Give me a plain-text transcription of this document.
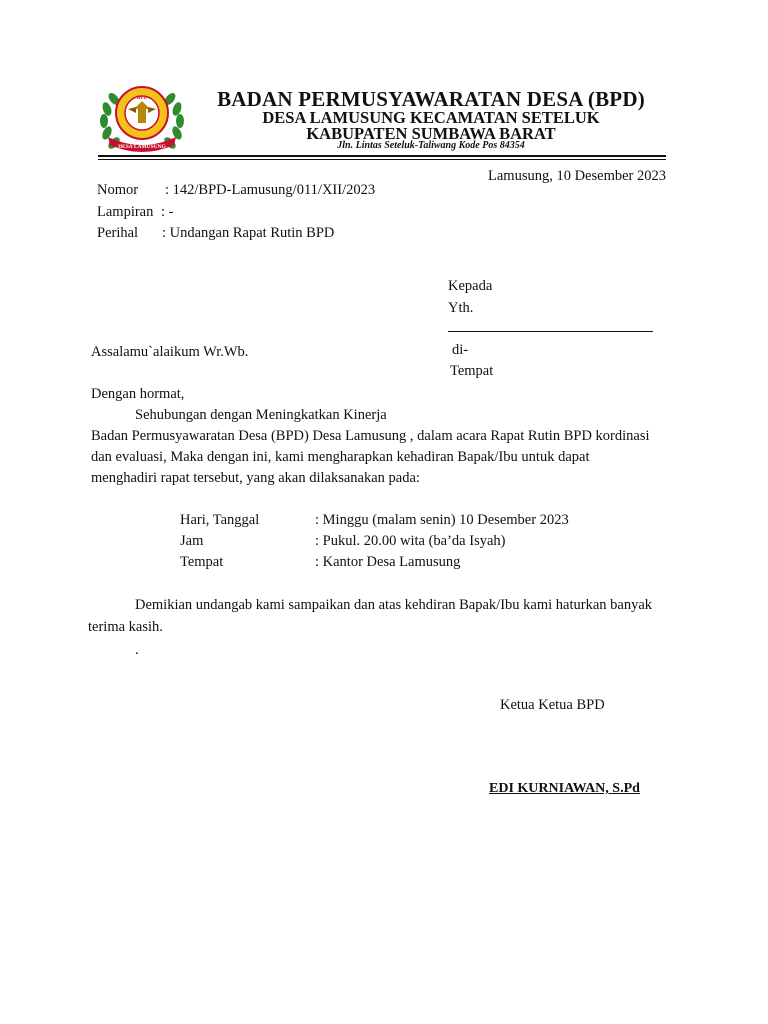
BPD
DESA LAMUSUNG
BADAN PERMUSYAWARATAN DESA (BPD)
DESA LAMUSUNG KECAMATAN SETELUK
KABUPATEN SUMBAWA BARAT
Jln. Lintas Seteluk-Taliwang Kode Pos 84354
Lamusung, 10 Desember 2023
Nomor : 142/BPD-Lamusung/011/XII/2023
Lampiran : -
Perihal : Undangan Rapat Rutin BPD
Kepada
Yth.
di-
Tempat
Assalamu`alaikum Wr.Wb.
Dengan hormat,
Sehubungan dengan Meningkatkan Kinerja
Badan Permusyawaratan Desa (BPD) Desa Lamusung , dalam acara Rapat Rutin BPD kordinasi
dan evaluasi, Maka dengan ini, kami mengharapkan kehadiran Bapak/Ibu untuk dapat
menghadiri rapat tersebut, yang akan dilaksanakan pada:
Hari, Tanggal	: Minggu (malam senin) 10 Desember 2023
Jam	: Pukul. 20.00 wita (ba’da Isyah)
Tempat	: Kantor Desa Lamusung
Demikian undangab kami sampaikan dan atas kehdiran Bapak/Ibu kami haturkan banyak
terima kasih.
.
Ketua Ketua BPD
EDI KURNIAWAN, S.Pd
